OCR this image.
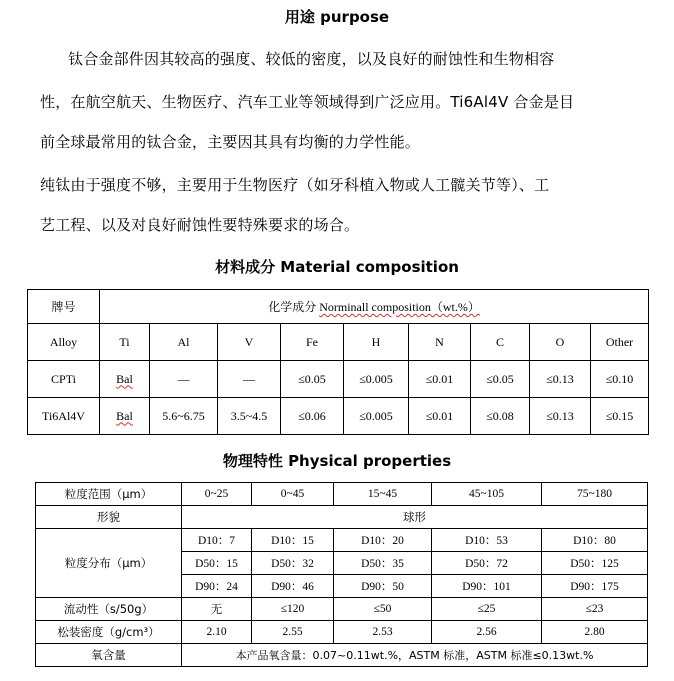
用途 purpose
钛合金部件因其较高的强度、较低的密度，以及良好的耐蚀性和生物相容
性，在航空航天、生物医疗、汽车工业等领域得到广泛应用。Ti6Al4V 合金是目
前全球最常用的钛合金，主要因其具有均衡的力学性能。
纯钛由于强度不够，主要用于生物医疗（如牙科植入物或人工髋关节等）、工
艺工程、以及对良好耐蚀性要特殊要求的场合。
材料成分 Material composition
牌号	化学成分 Norminall composition（wt.%）								
Alloy	Ti	Al	V	Fe	H	N	C	O	Other
CPTi	Bal	—	—	≤0.05	≤0.005	≤0.01	≤0.05	≤0.13	≤0.10
Ti6Al4V	Bal	5.6~6.75	3.5~4.5	≤0.06	≤0.005	≤0.01	≤0.08	≤0.13	≤0.15
物理特性 Physical properties
粒度范围（μm）	0~25	0~45	15~45	45~105	75~180
形貌	球形				
粒度分布（μm）	D10：7	D10：15	D10：20	D10：53	D10：80
	D50：15	D50：32	D50：35	D50：72	D50：125
	D90：24	D90：46	D90：50	D90：101	D90：175
流动性（s/50g）	无	≤120	≤50	≤25	≤23
松装密度（g/cm³）	2.10	2.55	2.53	2.56	2.80
氧含量	本产品氧含量：0.07~0.11wt.%，ASTM 标准，ASTM 标准≤0.13wt.%				
